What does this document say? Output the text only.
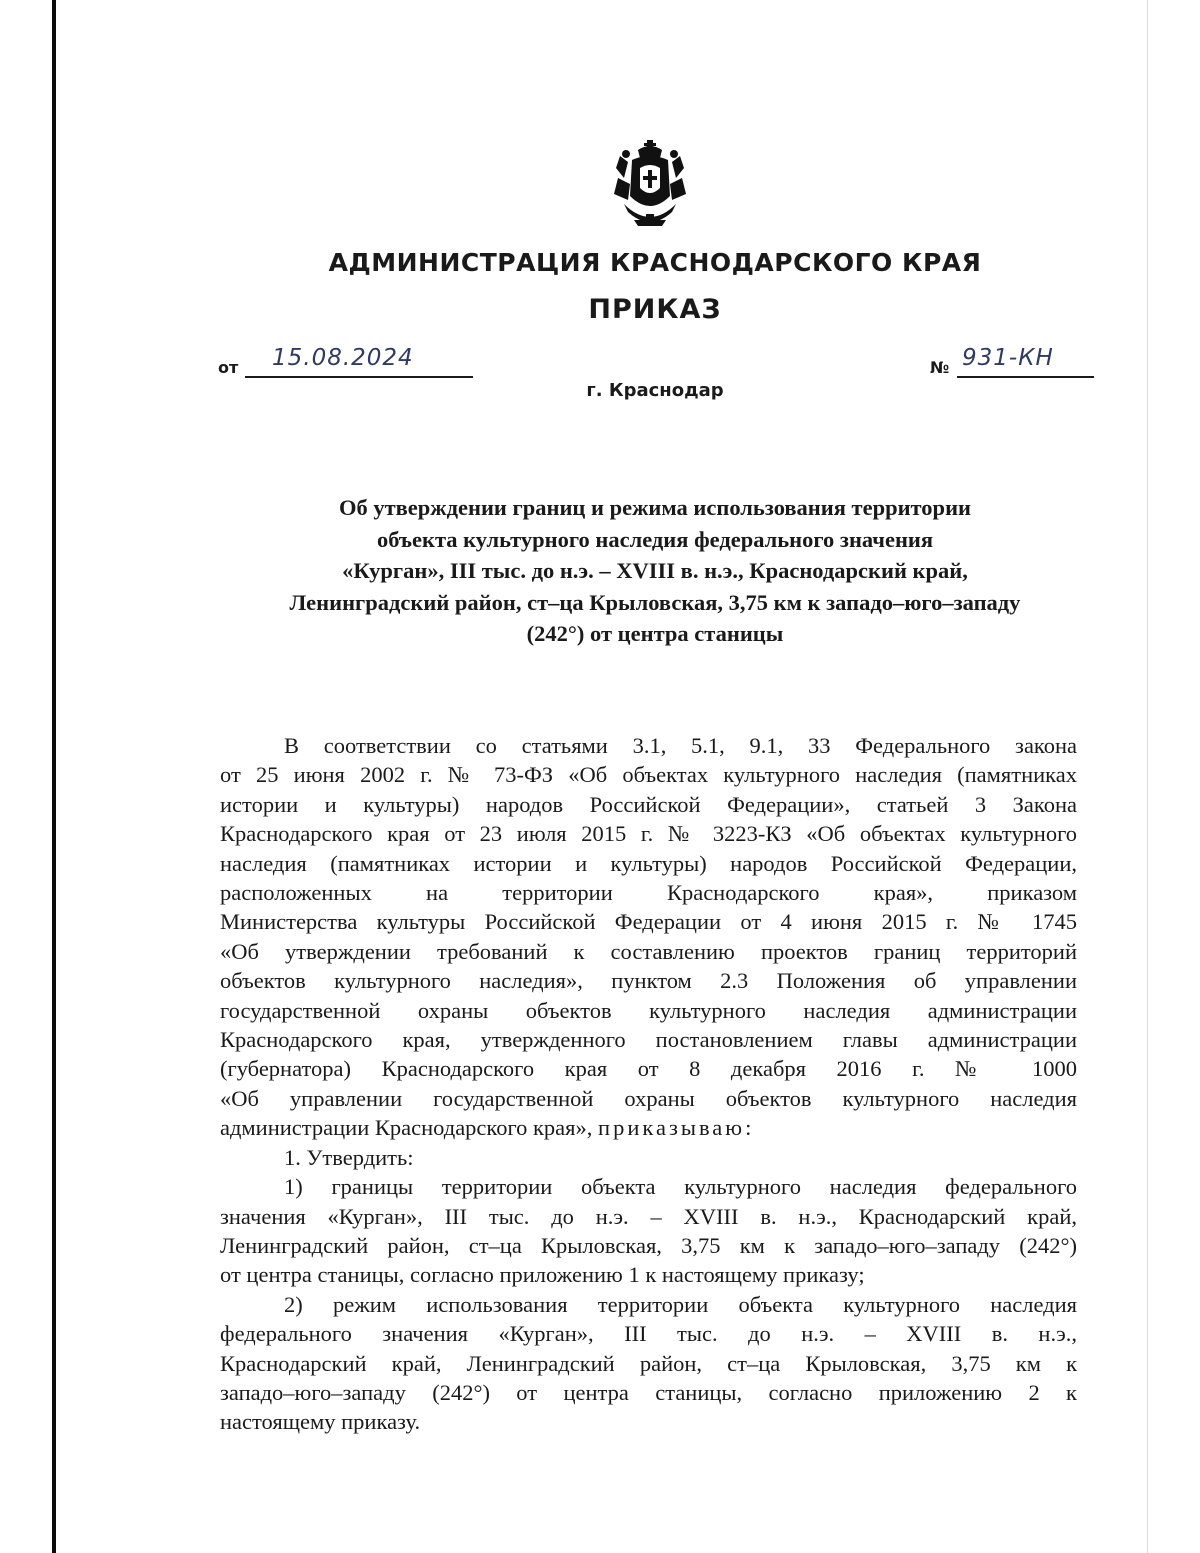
АДМИНИСТРАЦИЯ КРАСНОДАРСКОГО КРАЯ
ПРИКАЗ
от 15.08.2024	№ 931-КН
г. Краснодар
Об утверждении границ и режима использования территории
объекта культурного наследия федерального значения
«Курган», III тыс. до н.э. – XVIII в. н.э., Краснодарский край,
Ленинградский район, ст–ца Крыловская, 3,75 км к западо–юго–западу
(242°) от центра станицы
В соответствии со статьями 3.1, 5.1, 9.1, 33 Федерального закона
от 25 июня 2002 г. № 73-ФЗ «Об объектах культурного наследия (памятниках
истории и культуры) народов Российской Федерации», статьей 3 Закона
Краснодарского края от 23 июля 2015 г. № 3223-КЗ «Об объектах культурного
наследия (памятниках истории и культуры) народов Российской Федерации,
расположенных на территории Краснодарского края», приказом
Министерства культуры Российской Федерации от 4 июня 2015 г. № 1745
«Об утверждении требований к составлению проектов границ территорий
объектов культурного наследия», пунктом 2.3 Положения об управлении
государственной охраны объектов культурного наследия администрации
Краснодарского края, утвержденного постановлением главы администрации
(губернатора) Краснодарского края от 8 декабря 2016 г. № 1000
«Об управлении государственной охраны объектов культурного наследия
администрации Краснодарского края», приказываю:
1. Утвердить:
1) границы территории объекта культурного наследия федерального
значения «Курган», III тыс. до н.э. – XVIII в. н.э., Краснодарский край,
Ленинградский район, ст–ца Крыловская, 3,75 км к западо–юго–западу (242°)
от центра станицы, согласно приложению 1 к настоящему приказу;
2) режим использования территории объекта культурного наследия
федерального значения «Курган», III тыс. до н.э. – XVIII в. н.э.,
Краснодарский край, Ленинградский район, ст–ца Крыловская, 3,75 км к
западо–юго–западу (242°) от центра станицы, согласно приложению 2 к
настоящему приказу.
